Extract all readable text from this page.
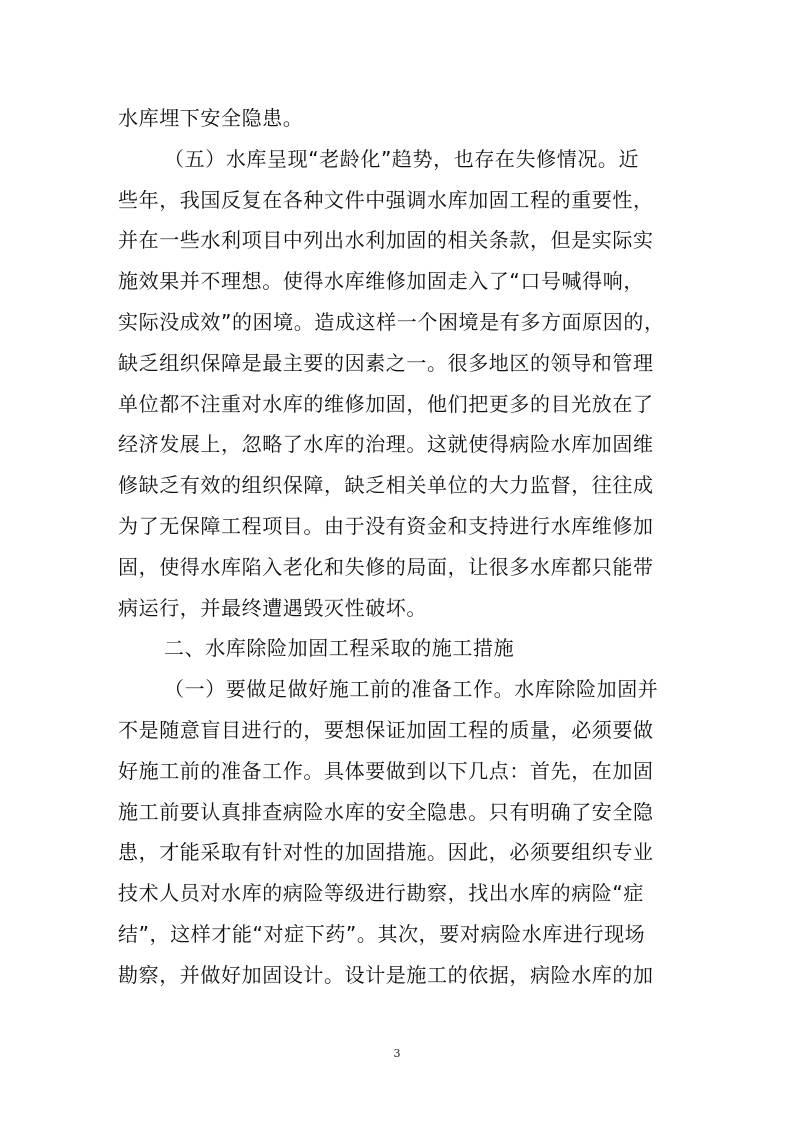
水库埋下安全隐患。
（五）水库呈现“老龄化”趋势，也存在失修情况。近
些年，我国反复在各种文件中强调水库加固工程的重要性，
并在一些水利项目中列出水利加固的相关条款，但是实际实
施效果并不理想。使得水库维修加固走入了“口号喊得响，
实际没成效”的困境。造成这样一个困境是有多方面原因的，
缺乏组织保障是最主要的因素之一。很多地区的领导和管理
单位都不注重对水库的维修加固，他们把更多的目光放在了
经济发展上，忽略了水库的治理。这就使得病险水库加固维
修缺乏有效的组织保障，缺乏相关单位的大力监督，往往成
为了无保障工程项目。由于没有资金和支持进行水库维修加
固，使得水库陷入老化和失修的局面，让很多水库都只能带
病运行，并最终遭遇毁灭性破坏。
二、水库除险加固工程采取的施工措施
（一）要做足做好施工前的准备工作。水库除险加固并
不是随意盲目进行的，要想保证加固工程的质量，必须要做
好施工前的准备工作。具体要做到以下几点：首先，在加固
施工前要认真排查病险水库的安全隐患。只有明确了安全隐
患，才能采取有针对性的加固措施。因此，必须要组织专业
技术人员对水库的病险等级进行勘察，找出水库的病险“症
结”，这样才能“对症下药”。其次，要对病险水库进行现场
勘察，并做好加固设计。设计是施工的依据，病险水库的加
3
